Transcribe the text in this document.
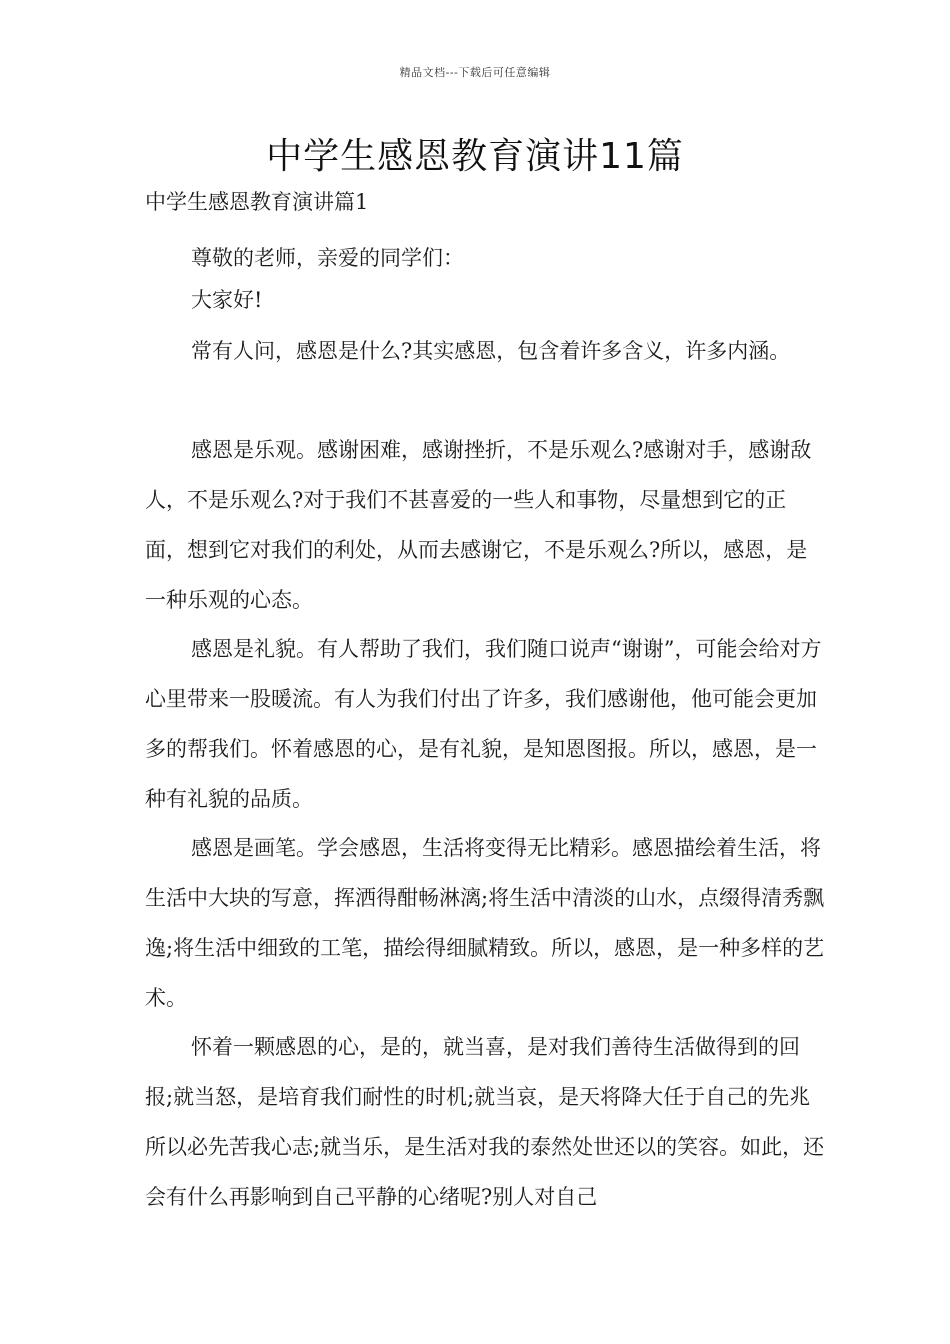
精品文档---下载后可任意编辑
中学生感恩教育演讲11篇
中学生感恩教育演讲篇1

尊敬的老师，亲爱的同学们：

大家好!

常有人问，感恩是什么?其实感恩，包含着许多含义，许多内涵。

感恩是乐观。感谢困难，感谢挫折，不是乐观么?感谢对手，感谢敌人，不是乐观么?对于我们不甚喜爱的一些人和事物，尽量想到它的正面，想到它对我们的利处，从而去感谢它，不是乐观么?所以，感恩，是一种乐观的心态。

感恩是礼貌。有人帮助了我们，我们随口说声“谢谢”，可能会给对方心里带来一股暖流。有人为我们付出了许多，我们感谢他，他可能会更加多的帮我们。怀着感恩的心，是有礼貌，是知恩图报。所以，感恩，是一种有礼貌的品质。

感恩是画笔。学会感恩，生活将变得无比精彩。感恩描绘着生活，将生活中大块的写意，挥洒得酣畅淋漓;将生活中清淡的山水，点缀得清秀飘逸;将生活中细致的工笔，描绘得细腻精致。所以，感恩，是一种多样的艺术。

怀着一颗感恩的心，是的，就当喜，是对我们善待生活做得到的回报;就当怒，是培育我们耐性的时机;就当哀，是天将降大任于自己的先兆所以必先苦我心志;就当乐，是生活对我的泰然处世还以的笑容。如此，还会有什么再影响到自己平静的心绪呢?别人对自己
